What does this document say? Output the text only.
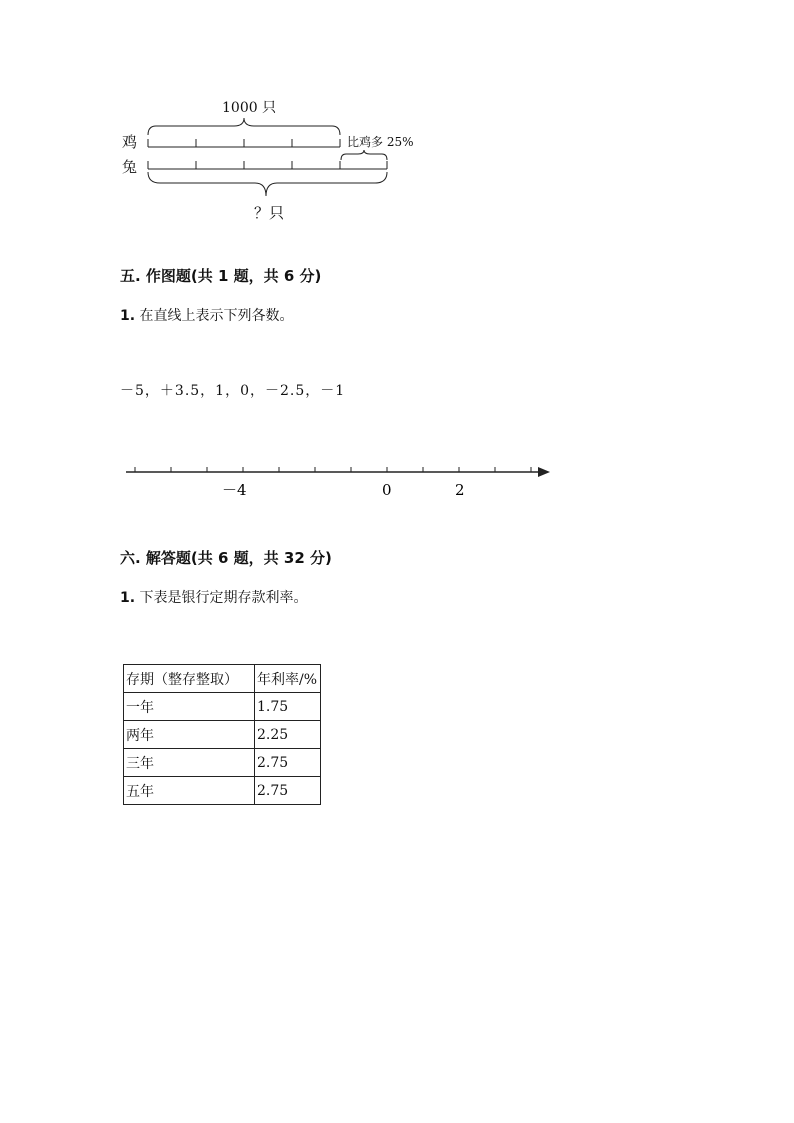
1000 只
鸡
兔
比鸡多 25%
？只
五. 作图题(共 1 题，共 6 分)
1. 在直线上表示下列各数。
－5，＋3.5，1，0，－2.5，－1
－4	0	2
六. 解答题(共 6 题，共 32 分)
1. 下表是银行定期存款利率。
存期（整存整取）	年利率/%
一年	1.75
两年	2.25
三年	2.75
五年	2.75
